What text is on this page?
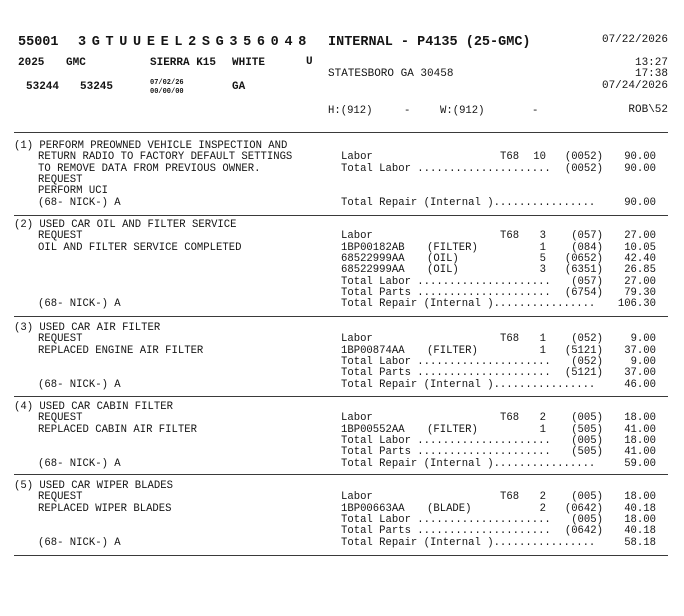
55001 3 G T U U E E L 2 S G 3 5 6 0 4 8 INTERNAL - P4135 (25-GMC)	07/22/2026
2025 GMC	SIERRA K15 WHITE	U	13:27
STATESBORO GA 30458	17:38
53244 53245	07/02/26
00/00/00	GA	07/24/2026
H:(912)	-	W:(912)	-	ROB\52
(1) PERFORM PREOWNED VEHICLE INSPECTION AND
RETURN RADIO TO FACTORY DEFAULT SETTINGS
TO REMOVE DATA FROM PREVIOUS OWNER.
REQUEST
PERFORM UCI
(68- NICK-) A
Labor	T68	10	(0052)	90.00
Total Labor .....................	(0052)	90.00
Total Repair (Internal )................	90.00
(2) USED CAR OIL AND FILTER SERVICE
REQUEST
OIL AND FILTER SERVICE COMPLETED
(68- NICK-) A
Labor	T68	3	(057)	27.00
1BP00182AB (FILTER)	1	(084)	10.05
68522999AA (OIL)	5	(0652)	42.40
68522999AA (OIL)	3	(6351)	26.85
Total Labor .....................	(057)	27.00
Total Parts .....................	(6754)	79.30
Total Repair (Internal )................	106.30
(3) USED CAR AIR FILTER
REQUEST
REPLACED ENGINE AIR FILTER
(68- NICK-) A
Labor	T68	1	(052)	9.00
1BP00874AA (FILTER)	1	(5121)	37.00
Total Labor .....................	(052)	9.00
Total Parts .....................	(5121)	37.00
Total Repair (Internal )................	46.00
(4) USED CAR CABIN FILTER
REQUEST
REPLACED CABIN AIR FILTER
(68- NICK-) A
Labor	T68	2	(005)	18.00
1BP00552AA (FILTER)	1	(505)	41.00
Total Labor .....................	(005)	18.00
Total Parts .....................	(505)	41.00
Total Repair (Internal )................	59.00
(5) USED CAR WIPER BLADES
REQUEST
REPLACED WIPER BLADES
(68- NICK-) A
Labor	T68	2	(005)	18.00
1BP00663AA (BLADE)	2	(0642)	40.18
Total Labor .....................	(005)	18.00
Total Parts .....................	(0642)	40.18
Total Repair (Internal )................	58.18
